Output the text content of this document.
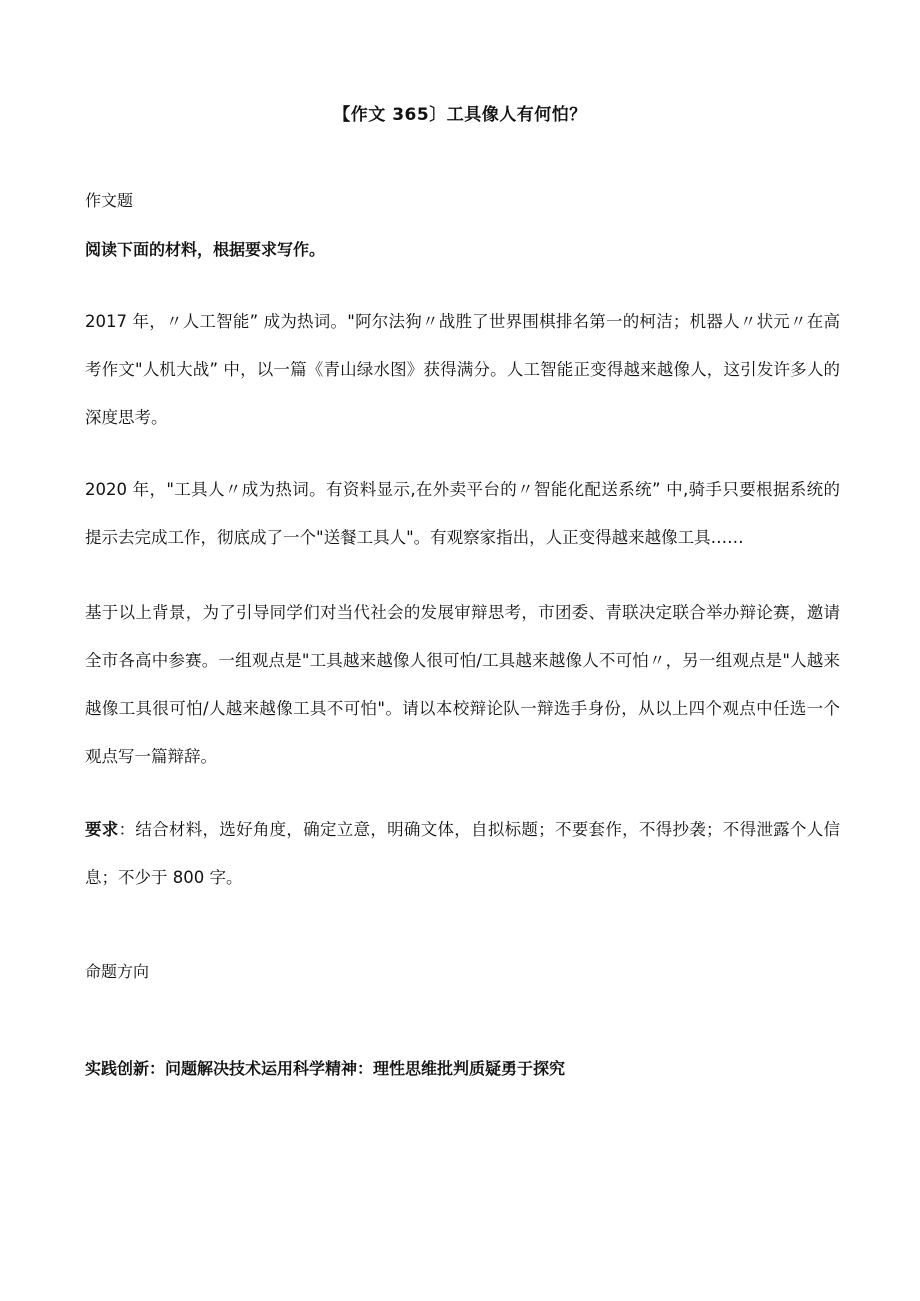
【作文 365〕工具像人有何怕？
作文题
阅读下面的材料，根据要求写作。
2017 年，〃人工智能” 成为热词。"阿尔法狗〃战胜了世界围棋排名第一的柯洁；机器人〃状元〃在高考作文"人机大战” 中，以一篇《青山绿水图》获得满分。人工智能正变得越来越像人，这引发许多人的深度思考。
2020 年，"工具人〃成为热词。有资料显示,在外卖平台的〃智能化配送系统” 中,骑手只要根据系统的提示去完成工作，彻底成了一个"送餐工具人"。有观察家指出，人正变得越来越像工具……
基于以上背景，为了引导同学们对当代社会的发展审辩思考，市团委、青联决定联合举办辩论赛，邀请全市各高中参赛。一组观点是"工具越来越像人很可怕/工具越来越像人不可怕〃，另一组观点是"人越来越像工具很可怕/人越来越像工具不可怕"。请以本校辩论队一辩选手身份，从以上四个观点中任选一个观点写一篇辩辞。
要求：结合材料，选好角度，确定立意，明确文体，自拟标题；不要套作，不得抄袭；不得泄露个人信息；不少于 800 字。
命题方向
实践创新：问题解决技术运用科学精神：理性思维批判质疑勇于探究
